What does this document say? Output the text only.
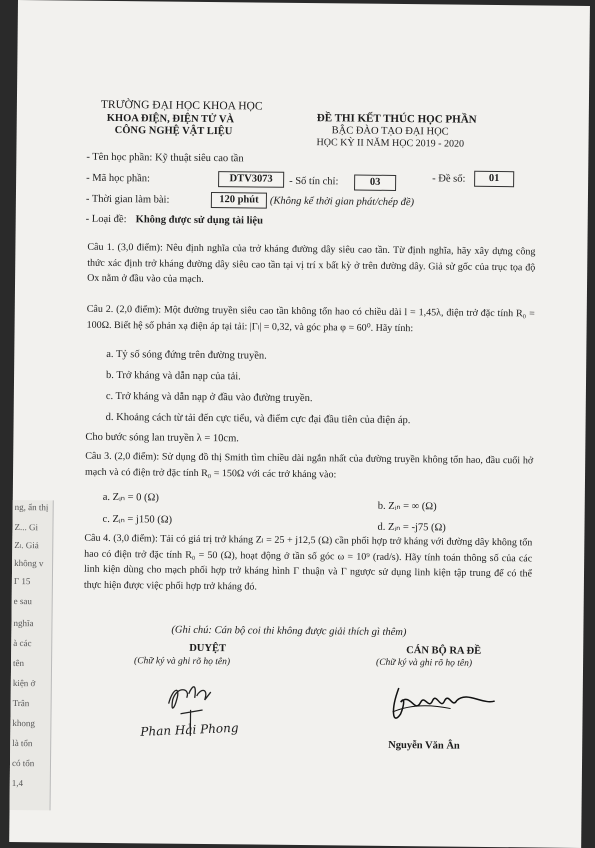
TRƯỜNG ĐẠI HỌC KHOA HỌC
KHOA ĐIỆN, ĐIỆN TỬ VÀ
CÔNG NGHỆ VẬT LIỆU
ĐỀ THI KẾT THÚC HỌC PHẦN
BẬC ĐÀO TẠO ĐẠI HỌC
HỌC KỲ II NĂM HỌC 2019 - 2020
- Tên học phần: Kỹ thuật siêu cao tần
- Mã học phần:	DTV3073	- Số tín chỉ:	03	- Đề số:	01
- Thời gian làm bài:	120 phút	(Không kể thời gian phát/chép đề)
- Loại đề: Không được sử dụng tài liệu
Câu 1. (3,0 điểm): Nêu định nghĩa của trở kháng đường dây siêu cao tần. Từ định nghĩa, hãy xây dựng công thức xác định trở kháng đường dây siêu cao tần tại vị trí x bất kỳ ở trên đường dây. Giả sử gốc của trục tọa độ Ox nằm ở đầu vào của mạch.
Câu 2. (2,0 điểm): Một đường truyền siêu cao tần không tổn hao có chiều dài l = 1,45λ, điện trở đặc tính R₀ = 100Ω. Biết hệ số phản xạ điện áp tại tải: |Γₗ| = 0,32, và góc pha φ = 60⁰. Hãy tính:
a. Tỷ số sóng đứng trên đường truyền.
b. Trở kháng và dẫn nạp của tải.
c. Trở kháng và dẫn nạp ở đầu vào đường truyền.
d. Khoảng cách từ tải đến cực tiểu, và điểm cực đại đầu tiên của điện áp.
Cho bước sóng lan truyền λ = 10cm.
Câu 3. (2,0 điểm): Sử dụng đồ thị Smith tìm chiều dài ngắn nhất của đường truyền không tổn hao, đầu cuối hở mạch và có điện trở đặc tính R₀ = 150Ω với các trở kháng vào:
a. Zᵢₙ = 0 (Ω)
b. Zᵢₙ = ∞ (Ω)
c. Zᵢₙ = j150 (Ω)
d. Zᵢₙ = -j75 (Ω)
Câu 4. (3,0 điểm): Tải có giá trị trở kháng Zₗ = 25 + j12,5 (Ω) cần phối hợp trở kháng với đường dây không tổn hao có điện trở đặc tính R₀ = 50 (Ω), hoạt động ở tần số góc ω = 10⁹ (rad/s). Hãy tính toán thông số của các linh kiện dùng cho mạch phối hợp trở kháng hình Γ thuận và Γ ngược sử dụng linh kiện tập trung để có thể thực hiện được việc phối hợp trở kháng đó.
(Ghi chú: Cán bộ coi thi không được giải thích gì thêm)
DUYỆT
(Chữ ký và ghi rõ họ tên)
Phan Hải Phong
CÁN BỘ RA ĐỀ
(Chữ ký và ghi rõ họ tên)
Nguyễn Văn Ân
ng, ẩn thị
Z... Gi
Zₗ. Giả
không v
Γ 15
e sau
nghĩa
à các
tên
kiện ở
Trân
khong
là tổn
có tổn
1,4
